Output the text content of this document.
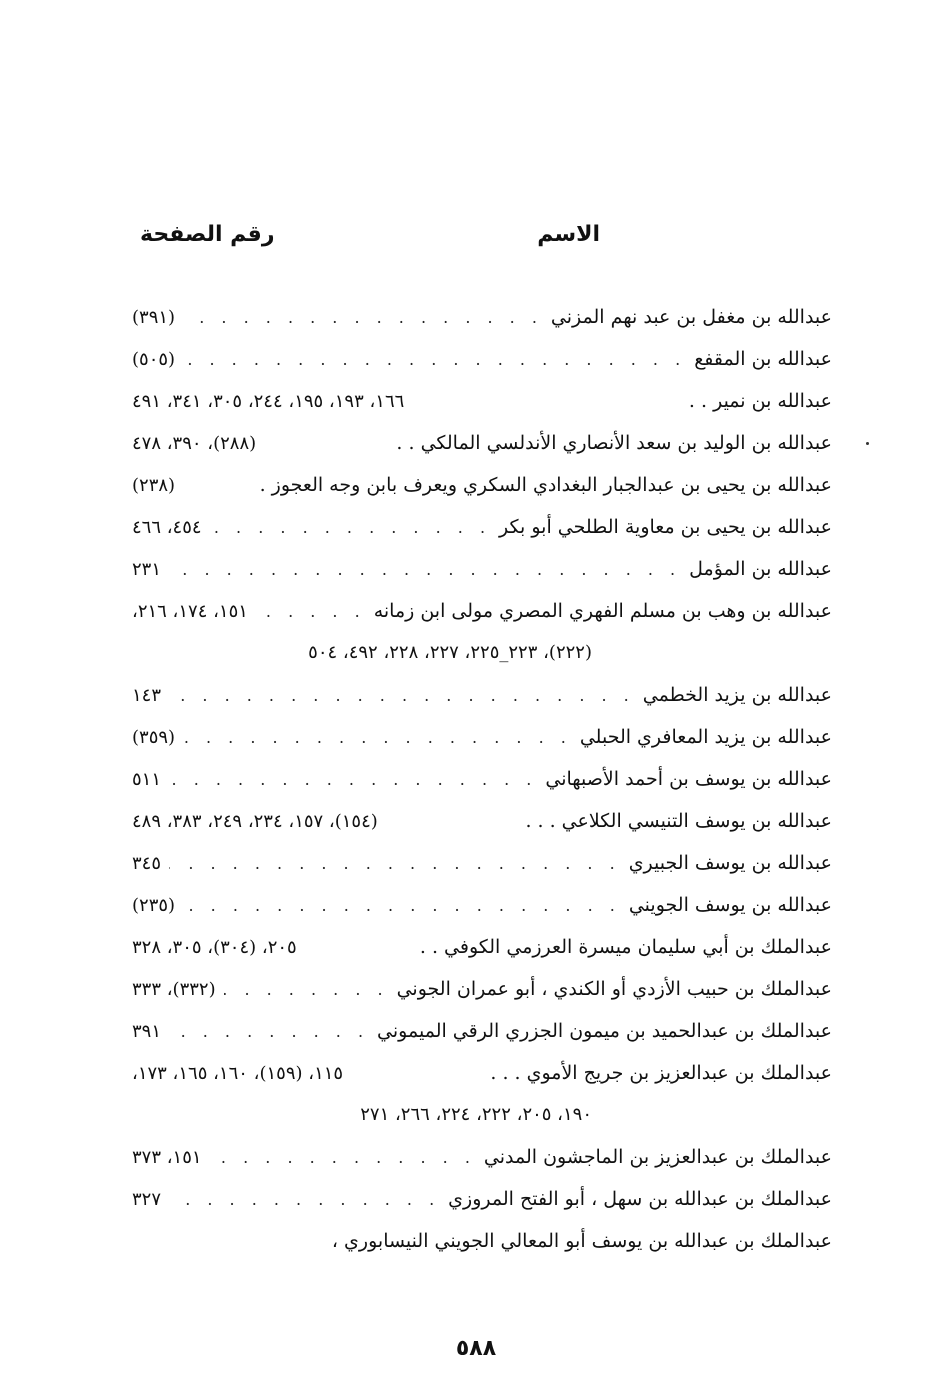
الاسم
رقم الصفحة
عبدالله بن مغفل بن عبد نهم المزني
. . .
(٣٩١)
عبدالله بن المقفع
. . .
(٥٠٥)
عبدالله بن نمير . .
١٦٦، ١٩٣، ١٩٥، ٢٤٤، ٣٠٥، ٣٤١، ٤٩١
عبدالله بن الوليد بن سعد الأنصاري الأندلسي المالكي . .
(٢٨٨)، ٣٩٠، ٤٧٨
عبدالله بن يحيى بن عبدالجبار البغدادي السكري ويعرف بابن وجه العجوز .
(٢٣٨)
عبدالله بن يحيى بن معاوية الطلحي أبو بكر
. . .
٤٥٤، ٤٦٦
عبدالله بن المؤمل
. . .
٢٣١
عبدالله بن وهب بن مسلم الفهري المصري مولى ابن زمانه
. . .
١٥١، ١٧٤، ٢١٦،
(٢٢٢)، ٢٢٣_٢٢٥، ٢٢٧، ٢٢٨، ٤٩٢، ٥٠٤
عبدالله بن يزيد الخطمي
. . .
١٤٣
عبدالله بن يزيد المعافري الحبلي
. . .
(٣٥٩)
عبدالله بن يوسف بن أحمد الأصبهاني
. . .
٥١١
عبدالله بن يوسف التنيسي الكلاعي . . .
(١٥٤)، ١٥٧، ٢٣٤، ٢٤٩، ٣٨٣، ٤٨٩
عبدالله بن يوسف الجبيري
. . .
٣٤٥
عبدالله بن يوسف الجويني
. . .
(٢٣٥)
عبدالملك بن أبي سليمان ميسرة العرزمي الكوفي . .
٢٠٥، (٣٠٤)، ٣٠٥، ٣٢٨
عبدالملك بن حبيب الأزدي أو الكندي ، أبو عمران الجوني
. . .
(٣٣٢)، ٣٣٣
عبدالملك بن عبدالحميد بن ميمون الجزري الرقي الميموني
. . .
٣٩١
عبدالملك بن عبدالعزيز بن جريج الأموي . . .
١١٥، (١٥٩)، ١٦٠، ١٦٥، ١٧٣،
١٩٠، ٢٠٥، ٢٢٢، ٢٢٤، ٢٦٦، ٢٧١
عبدالملك بن عبدالعزيز بن الماجشون المدني
. . .
١٥١، ٣٧٣
عبدالملك بن عبدالله بن سهل ، أبو الفتح المروزي
. . .
٣٢٧
عبدالملك بن عبدالله بن يوسف أبو المعالي الجويني النيسابوري ،
٥٨٨
